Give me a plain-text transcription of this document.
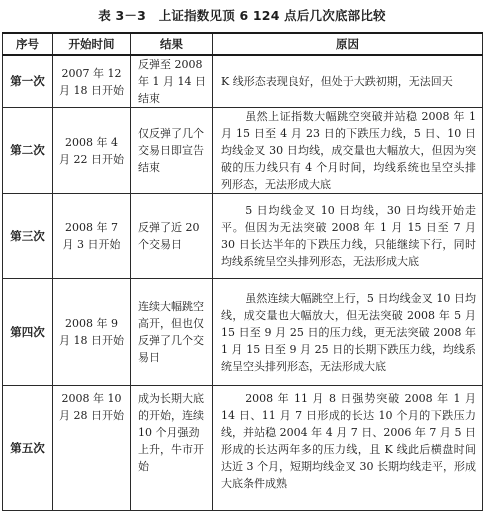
表 3－3　上证指数见顶 6 124 点后几次底部比较
序号	开始时间	结果	原因
第一次	2007 年 12 月 18 日开始	反弹至 2008 年 1 月 14 日结束	K 线形态表现良好，但处于大跌初期，无法回天
第二次	2008 年 4 月 22 日开始	仅反弹了几个交易日即宣告结束	虽然上证指数大幅跳空突破并站稳 2008 年 1 月 15 日至 4 月 23 日的下跌压力线，5 日、10 日均线金叉 30 日均线，成交量也大幅放大，但因为突破的压力线只有 4 个月时间，均线系统也呈空头排列形态，无法形成大底

第三次	2008 年 7 月 3 日开始	反弹了近 20 个交易日	5 日均线金叉 10 日均线，30 日均线开始走平。但因为无法突破 2008 年 1 月 15 日至 7 月 30 日长达半年的下跌压力线，只能继续下行，同时均线系统呈空头排列形态，无法形成大底

第四次	2008 年 9 月 18 日开始	连续大幅跳空高开，但也仅反弹了几个交易日	虽然连续大幅跳空上行，5 日均线金叉 10 日均线，成交量也大幅放大，但无法突破 2008 年 5 月 15 日至 9 月 25 日的压力线，更无法突破 2008 年 1 月 15 日至 9 月 25 日的长期下跌压力线，均线系统呈空头排列形态，无法形成大底

第五次	2008 年 10 月 28 日开始	成为长期大底的开始，连续 10 个月强劲上升，牛市开始	2008 年 11 月 8 日强势突破 2008 年 1 月 14 日、11 月 7 日形成的长达 10 个月的下跌压力线，并站稳 2004 年 4 月 7 日、2006 年 7 月 5 日形成的长达两年多的压力线，且 K 线此后横盘时间达近 3 个月，短期均线金叉 30 长期均线走平，形成大底条件成熟
